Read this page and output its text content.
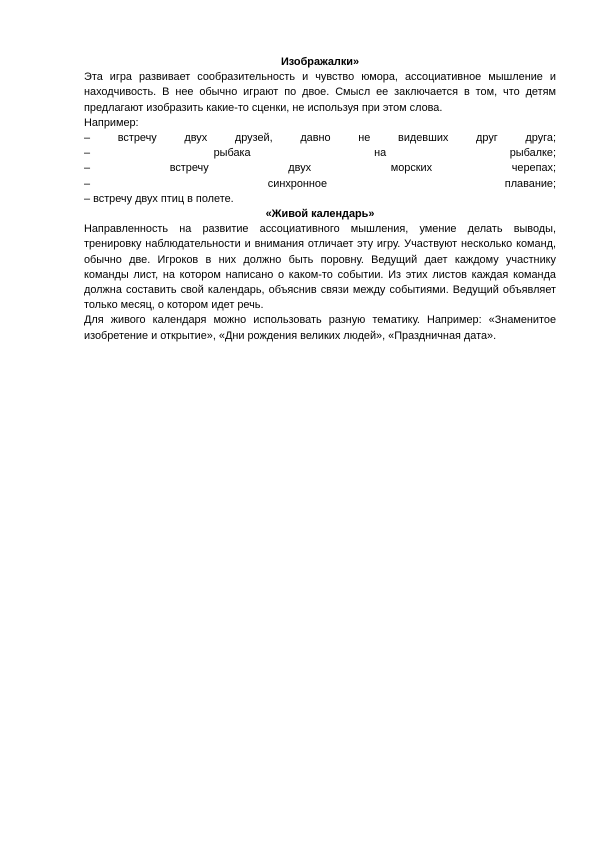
Изображалки»

Эта игра развивает сообразительность и чувство юмора, ассоциативное мышление и находчивость. В нее обычно играют по двое. Смысл ее заключается в том, что детям предлагают изобразить какие-то сценки, не используя при этом слова.

Например:

– встречу двух друзей, давно не видевших друг друга;

– рыбака на рыбалке;

– встречу двух морских черепах;

– синхронное плавание;

– встречу двух птиц в полете.

«Живой календарь»

Направленность на развитие ассоциативного мышления, умение делать выводы, тренировку наблюдательности и внимания отличает эту игру. Участвуют несколько команд, обычно две. Игроков в них должно быть поровну. Ведущий дает каждому участнику команды лист, на котором написано о каком-то событии. Из этих листов каждая команда должна составить свой календарь, объяснив связи между событиями. Ведущий объявляет только месяц, о котором идет речь.

Для живого календаря можно использовать разную тематику. Например: «Знаменитое изобретение и открытие», «Дни рождения великих людей», «Праздничная дата».
